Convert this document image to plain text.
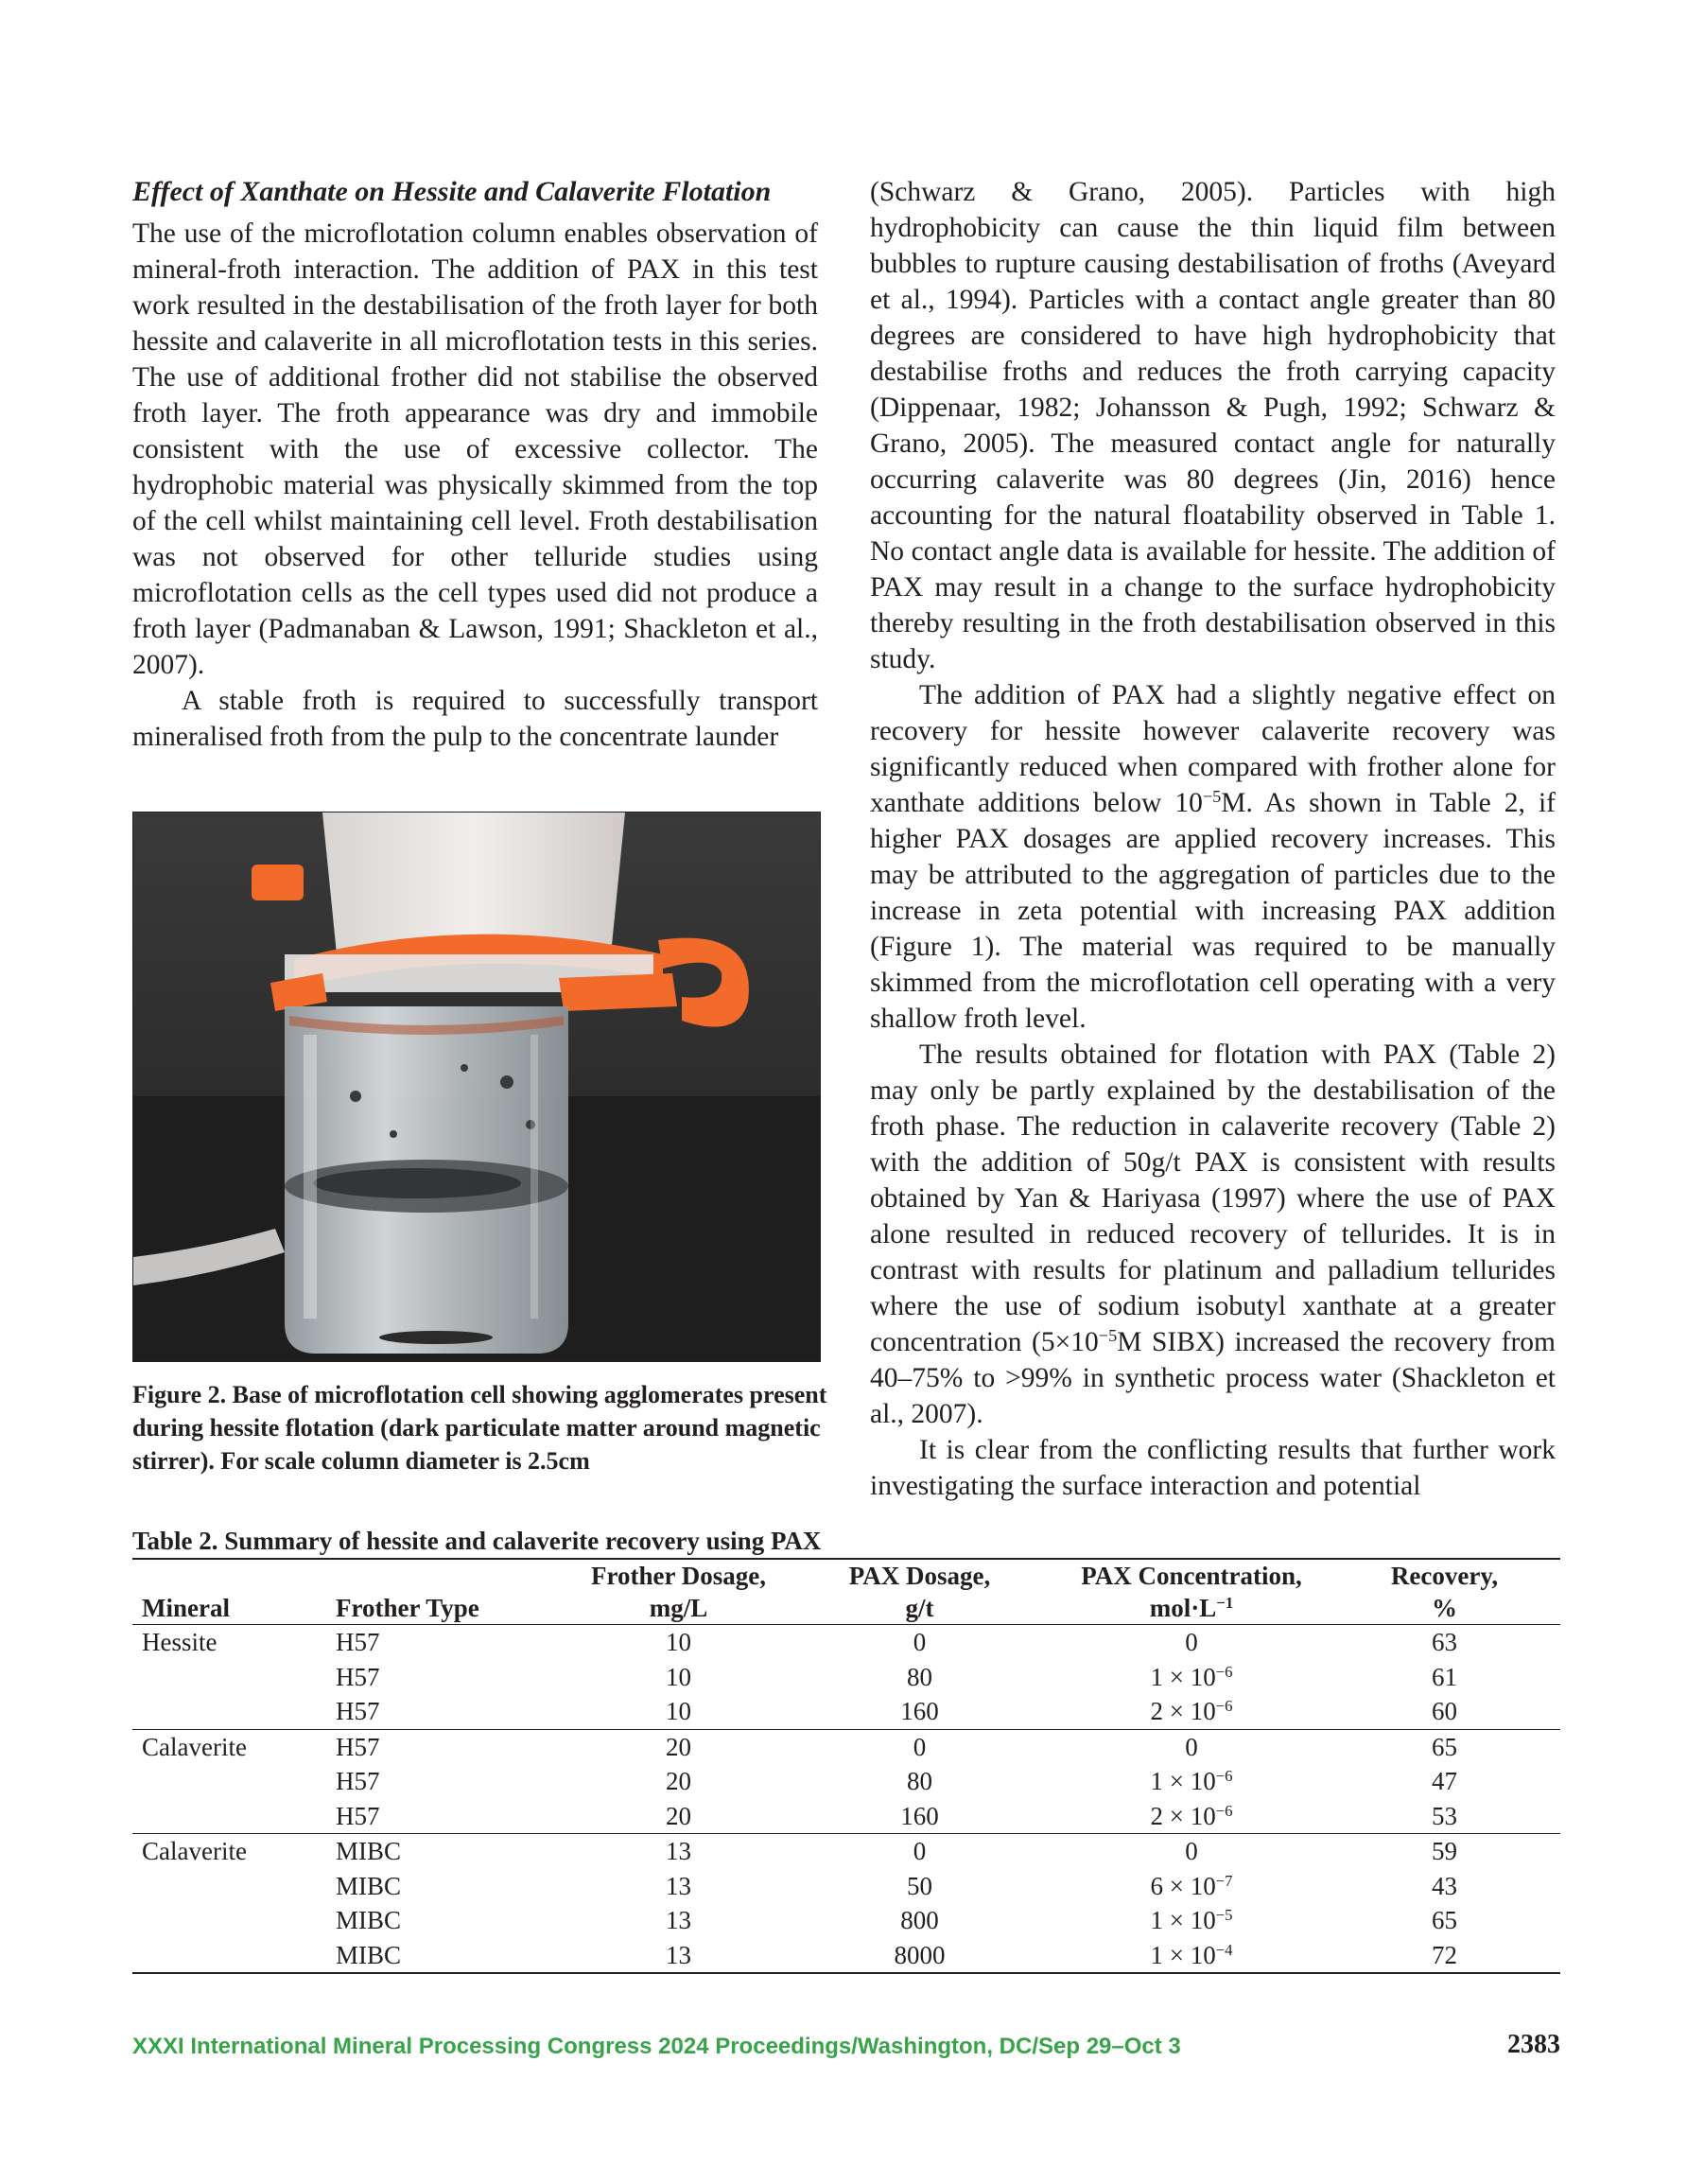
Effect of Xanthate on Hessite and Calaverite Flotation

The use of the microflotation column enables observation of mineral-froth interaction. The addition of PAX in this test work resulted in the destabilisation of the froth layer for both hessite and calaverite in all microflotation tests in this series. The use of additional frother did not stabilise the observed froth layer. The froth appearance was dry and immobile consistent with the use of excessive collector. The hydrophobic material was physically skimmed from the top of the cell whilst maintaining cell level. Froth destabilisation was not observed for other telluride studies using microflotation cells as the cell types used did not produce a froth layer (Padmanaban & Lawson, 1991; Shackleton et al., 2007).

A stable froth is required to successfully transport mineralised froth from the pulp to the concentrate launder

(Schwarz & Grano, 2005). Particles with high hydrophobicity can cause the thin liquid film between bubbles to rupture causing destabilisation of froths (Aveyard et al., 1994). Particles with a contact angle greater than 80 degrees are considered to have high hydrophobicity that destabilise froths and reduces the froth carrying capacity (Dippenaar, 1982; Johansson & Pugh, 1992; Schwarz & Grano, 2005). The measured contact angle for naturally occurring calaverite was 80 degrees (Jin, 2016) hence accounting for the natural floatability observed in Table 1. No contact angle data is available for hessite. The addition of PAX may result in a change to the surface hydrophobicity thereby resulting in the froth destabilisation observed in this study.

The addition of PAX had a slightly negative effect on recovery for hessite however calaverite recovery was significantly reduced when compared with frother alone for xanthate additions below $10^{-5}M$. As shown in Table 2, if higher PAX dosages are applied recovery increases. This may be attributed to the aggregation of particles due to the increase in zeta potential with increasing PAX addition (Figure 1). The material was required to be manually skimmed from the microflotation cell operating with a very shallow froth level.

The results obtained for flotation with PAX (Table 2) may only be partly explained by the destabilisation of the froth phase. The reduction in calaverite recovery (Table 2) with the addition of 50g/t PAX is consistent with results obtained by Yan & Hariyasa (1997) where the use of PAX alone resulted in reduced recovery of tellurides. It is in contrast with results for platinum and palladium tellurides where the use of sodium isobutyl xanthate at a greater concentration ($5\times 10^{-5}M$ SIBX) increased the recovery from 40–75% to >99% in synthetic process water (Shackleton et al., 2007).

It is clear from the conflicting results that further work investigating the surface interaction and potential

Figure 2. Base of microflotation cell showing agglomerates present during hessite flotation (dark particulate matter around magnetic stirrer). For scale column diameter is 2.5cm
Table 2. Summary of hessite and calaverite recovery using PAX
		Frother Dosage,	PAX Dosage,	PAX Concentration,	Recovery,
Mineral	Frother Type	mg/L	g/t	$mol\cdot L^{-1}$	%
Hessite	H57	10	0	0	63
	H57	10	80	$1 \times 10^{-6}$	61
	H57	10	160	$2 \times 10^{-6}$	60
Calaverite	H57	20	0	0	65
	H57	20	80	$1 \times 10^{-6}$	47
	H57	20	160	$2 \times 10^{-6}$	53
Calaverite	MIBC	13	0	0	59
	MIBC	13	50	$6 \times 10^{-7}$	43
	MIBC	13	800	$1 \times 10^{-5}$	65
	MIBC	13	8000	$1 \times 10^{-4}$	72
XXXI International Mineral Processing Congress 2024 Proceedings/Washington, DC/Sep 29–Oct 3	2383
